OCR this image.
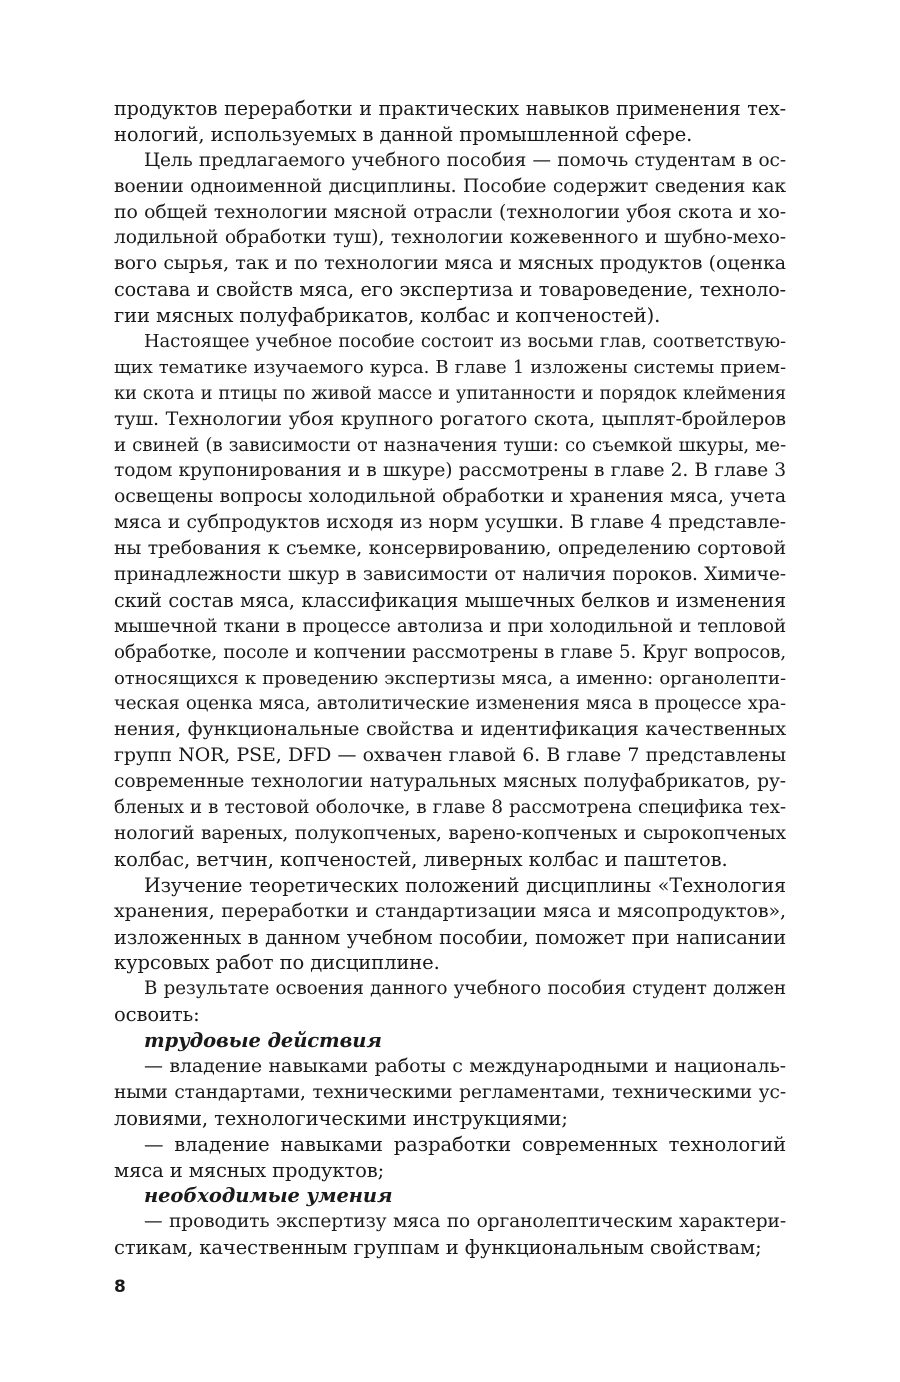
продуктов переработки и практических навыков применения тех-
нологий, используемых в данной промышленной сфере.
Цель предлагаемого учебного пособия — помочь студентам в ос-
воении одноименной дисциплины. Пособие содержит сведения как
по общей технологии мясной отрасли (технологии убоя скота и хо-
лодильной обработки туш), технологии кожевенного и шубно-мехо-
вого сырья, так и по технологии мяса и мясных продуктов (оценка
состава и свойств мяса, его экспертиза и товароведение, техноло-
гии мясных полуфабрикатов, колбас и копченостей).
Настоящее учебное пособие состоит из восьми глав, соответствую-
щих тематике изучаемого курса. В главе 1 изложены системы прием-
ки скота и птицы по живой массе и упитанности и порядок клеймения
туш. Технологии убоя крупного рогатого скота, цыплят-бройлеров
и свиней (в зависимости от назначения туши: со съемкой шкуры, ме-
тодом крупонирования и в шкуре) рассмотрены в главе 2. В главе 3
освещены вопросы холодильной обработки и хранения мяса, учета
мяса и субпродуктов исходя из норм усушки. В главе 4 представле-
ны требования к съемке, консервированию, определению сортовой
принадлежности шкур в зависимости от наличия пороков. Химиче-
ский состав мяса, классификация мышечных белков и изменения
мышечной ткани в процессе автолиза и при холодильной и тепловой
обработке, посоле и копчении рассмотрены в главе 5. Круг вопросов,
относящихся к проведению экспертизы мяса, а именно: органолепти-
ческая оценка мяса, автолитические изменения мяса в процессе хра-
нения, функциональные свойства и идентификация качественных
групп NOR, PSE, DFD — охвачен главой 6. В главе 7 представлены
современные технологии натуральных мясных полуфабрикатов, ру-
бленых и в тестовой оболочке, в главе 8 рассмотрена специфика тех-
нологий вареных, полукопченых, варено-копченых и сырокопченых
колбас, ветчин, копченостей, ливерных колбас и паштетов.
Изучение теоретических положений дисциплины «Технология
хранения, переработки и стандартизации мяса и мясопродуктов»,
изложенных в данном учебном пособии, поможет при написании
курсовых работ по дисциплине.
В результате освоения данного учебного пособия студент должен
освоить:
трудовые действия
— владение навыками работы с международными и националь-
ными стандартами, техническими регламентами, техническими ус-
ловиями, технологическими инструкциями;
— владение навыками разработки современных технологий
мяса и мясных продуктов;
необходимые умения
— проводить экспертизу мяса по органолептическим характери-
стикам, качественным группам и функциональным свойствам;
8
